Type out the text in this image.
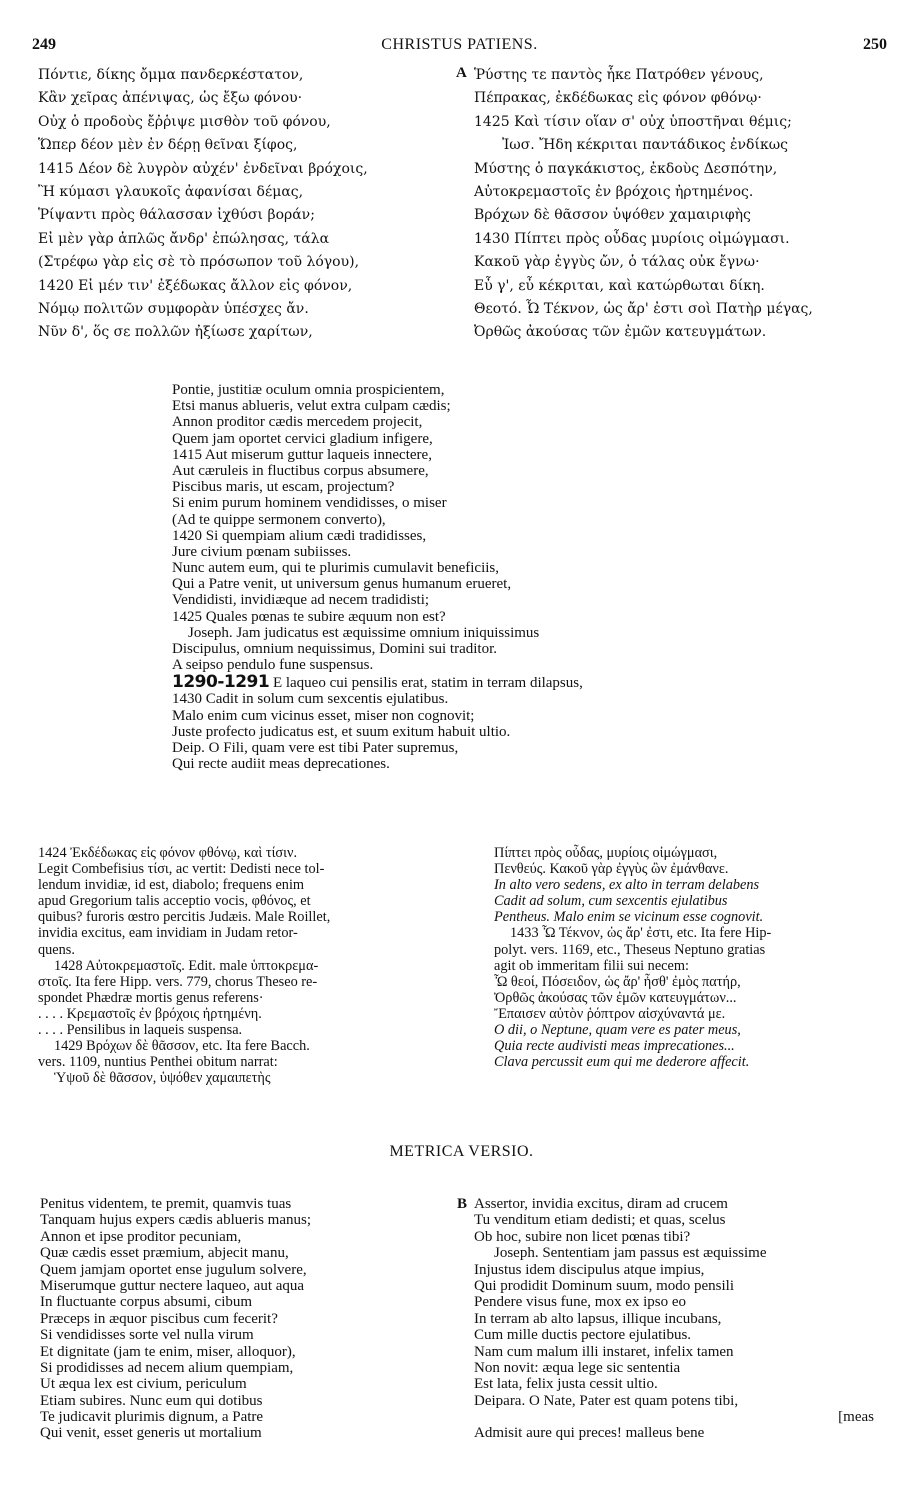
249	CHRISTUS PATIENS.	250
Πόντιε, δίκης ὄμμα πανδερκέστατον,
Κἂν χεῖρας ἀπένιψας, ὡς ἔξω φόνου·
Οὐχ ὁ προδοὺς ἔῤῥιψε μισθὸν τοῦ φόνου,
Ὥπερ δέον μὲν ἐν δέρῃ θεῖναι ξίφος,
1415 Δέον δὲ λυγρὸν αὐχέν' ἐνδεῖναι βρόχοις,
Ἢ κύμασι γλαυκοῖς ἀφανίσαι δέμας,
Ῥίψαντι πρὸς θάλασσαν ἰχθύσι βοράν;
Εἰ μὲν γὰρ ἁπλῶς ἄνδρ' ἐπώλησας, τάλα
(Στρέφω γὰρ εἰς σὲ τὸ πρόσωπον τοῦ λόγου),
1420 Εἰ μέν τιν' ἐξέδωκας ἄλλον εἰς φόνον,
Νόμῳ πολιτῶν συμφορὰν ὑπέσχες ἄν.
Νῦν δ', ὅς σε πολλῶν ἠξίωσε χαρίτων,
A Ῥύστης τε παντὸς ἧκε Πατρόθεν γένους,
Πέπρακας, ἐκδέδωκας εἰς φόνον φθόνῳ·
1425 Καὶ τίσιν οἵαν σ' οὐχ ὑποστῆναι θέμις;
Ἰωσ. Ἤδη κέκριται παντάδικος ἐνδίκως
Μύστης ὁ παγκάκιστος, ἐκδοὺς Δεσπότην,
Αὐτοκρεμαστοῖς ἐν βρόχοις ἠρτημένος.
Βρόχων δὲ θᾶσσον ὑψόθεν χαμαιριφὴς
1430 Πίπτει πρὸς οὖδας μυρίοις οἰμώγμασι.
Κακοῦ γὰρ ἐγγὺς ὤν, ὁ τάλας οὐκ ἔγνω·
Εὖ γ', εὖ κέκριται, καὶ κατώρθωται δίκη.
Θεοτό. Ὦ Τέκνον, ὡς ἄρ' ἐστι σοὶ Πατὴρ μέγας,
Ὀρθῶς ἀκούσας τῶν ἐμῶν κατευγμάτων.
Pontie, justitiæ oculum omnia prospicientem,
Etsi manus ablueris, velut extra culpam cædis;
Annon proditor cædis mercedem projecit,
Quem jam oportet cervici gladium infigere,
1415 Aut miserum guttur laqueis innectere,
Aut cæruleis in fluctibus corpus absumere,
Piscibus maris, ut escam, projectum?
Si enim purum hominem vendidisses, o miser
(Ad te quippe sermonem converto),
1420 Si quempiam alium cædi tradidisses,
Jure civium pœnam subiisses.
Nunc autem eum, qui te plurimis cumulavit beneficiis,
Qui a Patre venit, ut universum genus humanum erueret,
Vendidisti, invidiæque ad necem tradidisti;
1425 Quales pœnas te subire æquum non est?
Joseph. Jam judicatus est æquissime omnium iniquissimus
Discipulus, omnium nequissimus, Domini sui traditor.
A seipso pendulo fune suspensus.
1290-1291 E laqueo cui pensilis erat, statim in terram dilapsus,
1430 Cadit in solum cum sexcentis ejulatibus.
Malo enim cum vicinus esset, miser non cognovit;
Juste profecto judicatus est, et suum exitum habuit ultio.
Deip. O Fili, quam vere est tibi Pater supremus,
Qui recte audiit meas deprecationes.
1424 Ἐκδέδωκας εἰς φόνον φθόνῳ, καὶ τίσιν.
Legit Combefisius τίσι, ac vertit: Dedisti nece tol-
lendum invidiæ, id est, diabolo; frequens enim
apud Gregorium talis acceptio vocis, φθόνος, et
quibus? furoris œstro percitis Judæis. Male Roillet,
invidia excitus, eam invidiam in Judam retor-
quens.
1428 Αὐτοκρεμαστοῖς. Edit. male ὑπτοκρεμα-
στοῖς. Ita fere Hipp. vers. 779, chorus Theseo re-
spondet Phædræ mortis genus referens·
. . . . Κρεμαστοῖς ἐν βρόχοις ἠρτημένη.
. . . . Pensilibus in laqueis suspensa.
1429 Βρόχων δὲ θᾶσσον, etc. Ita fere Bacch.
vers. 1109, nuntius Penthei obitum narrat:
Ὑψοῦ δὲ θᾶσσον, ὑψόθεν χαμαιπετὴς
Πίπτει πρὸς οὖδας, μυρίοις οἰμώγμασι,
Πενθεύς. Κακοῦ γὰρ ἐγγὺς ὢν ἐμάνθανε.
In alto vero sedens, ex alto in terram delabens
Cadit ad solum, cum sexcentis ejulatibus
Pentheus. Malo enim se vicinum esse cognovit.
1433 Ὦ Τέκνον, ὡς ἄρ' ἐστι, etc. Ita fere Hip-
polyt. vers. 1169, etc., Theseus Neptuno gratias
agit ob immeritam filii sui necem:
Ὦ θεοί, Πόσειδον, ὡς ἄρ' ἦσθ' ἐμὸς πατήρ,
Ὀρθῶς ἀκούσας τῶν ἐμῶν κατευγμάτων...
Ἔπαισεν αὐτὸν ῥόπτρον αἰσχύναντά με.
O dii, o Neptune, quam vere es pater meus,
Quia recte audivisti meas imprecationes...
Clava percussit eum qui me dederore affecit.
METRICA VERSIO.
Penitus videntem, te premit, quamvis tuas
Tanquam hujus expers cædis ablueris manus;
Annon et ipse proditor pecuniam,
Quæ cædis esset præmium, abjecit manu,
Quem jamjam oportet ense jugulum solvere,
Miserumque guttur nectere laqueo, aut aqua
In fluctuante corpus absumi, cibum
Præceps in æquor piscibus cum fecerit?
Si vendidisses sorte vel nulla virum
Et dignitate (jam te enim, miser, alloquor),
Si prodidisses ad necem alium quempiam,
Ut æqua lex est civium, periculum
Etiam subires. Nunc eum qui dotibus
Te judicavit plurimis dignum, a Patre
Qui venit, esset generis ut mortalium
B Assertor, invidia excitus, diram ad crucem
Tu venditum etiam dedisti; et quas, scelus
Ob hoc, subire non licet pœnas tibi?
Joseph. Sententiam jam passus est æquissime
Injustus idem discipulus atque impius,
Qui prodidit Dominum suum, modo pensili
Pendere visus fune, mox ex ipso eo
In terram ab alto lapsus, illique incubans,
Cum mille ductis pectore ejulatibus.
Nam cum malum illi instaret, infelix tamen
Non novit: æqua lege sic sententia
Est lata, felix justa cessit ultio.
Deipara. O Nate, Pater est quam potens tibi,
[meas
Admisit aure qui preces! malleus bene
